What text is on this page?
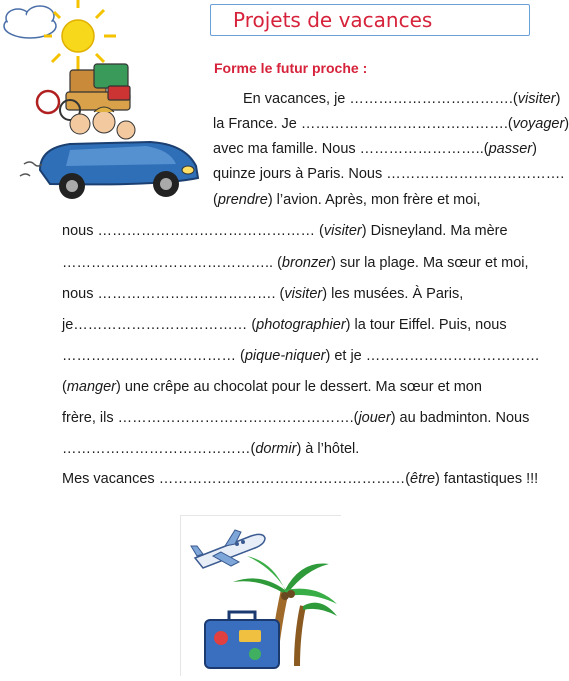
Projets de vacances
Forme le futur proche :
En vacances, je …………………………….(visiter)
la France. Je …………………………………….(voyager)
avec ma famille. Nous ……………………..(passer)
quinze jours à Paris. Nous ……………………………….
(prendre) l’avion. Après, mon frère et moi,
nous ……………………………………… (visiter) Disneyland. Ma mère
…………………………………….. (bronzer) sur la plage. Ma sœur et moi,
nous ………………………………. (visiter) les musées. À Paris,
je……………………………… (photographier) la tour Eiffel. Puis, nous
……………………………… (pique-niquer) et je ………………………………
(manger) une crêpe au chocolat pour le dessert. Ma sœur et mon
frère, ils ………………………………………….(jouer) au badminton. Nous
…………………………………(dormir) à l’hôtel.
Mes vacances ……………………………………………(être) fantastiques !!!
